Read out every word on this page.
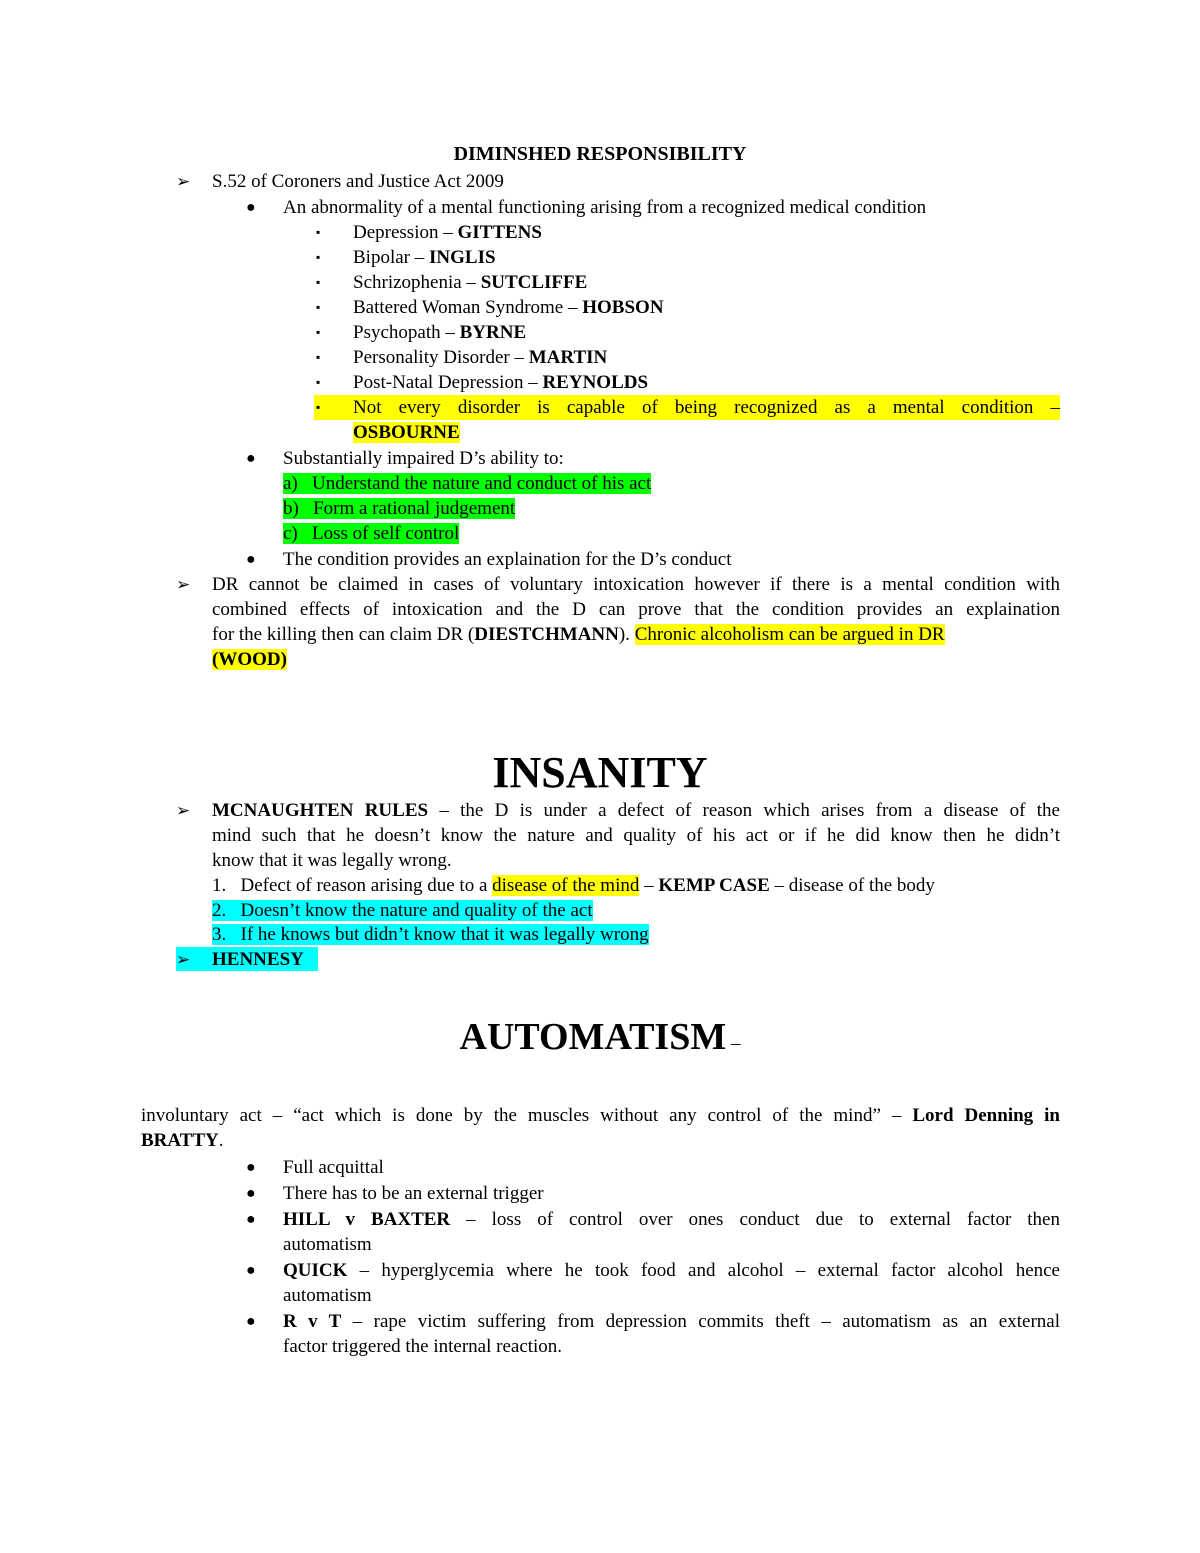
DIMINSHED RESPONSIBILITY
➢ S.52 of Coroners and Justice Act 2009
● An abnormality of a mental functioning arising from a recognized medical condition
▪ Depression – GITTENS
▪ Bipolar – INGLIS
▪ Schrizophenia – SUTCLIFFE
▪ Battered Woman Syndrome – HOBSON
▪ Psychopath – BYRNE
▪ Personality Disorder – MARTIN
▪ Post-Natal Depression – REYNOLDS
▪ Not every disorder is capable of being recognized as a mental condition –
OSBOURNE
● Substantially impaired D’s ability to:
a) Understand the nature and conduct of his act
b) Form a rational judgement
c) Loss of self control
● The condition provides an explaination for the D’s conduct
➢ DR cannot be claimed in cases of voluntary intoxication however if there is a mental condition with
combined effects of intoxication and the D can prove that the condition provides an explaination
for the killing then can claim DR (DIESTCHMANN). Chronic alcoholism can be argued in DR
(WOOD)
INSANITY
➢ MCNAUGHTEN RULES – the D is under a defect of reason which arises from a disease of the
mind such that he doesn’t know the nature and quality of his act or if he did know then he didn’t
know that it was legally wrong.
1. Defect of reason arising due to a disease of the mind – KEMP CASE – disease of the body
2. Doesn’t know the nature and quality of the act
3. If he knows but didn’t know that it was legally wrong
➢ HENNESY
AUTOMATISM –
involuntary act – “act which is done by the muscles without any control of the mind” – Lord Denning in
BRATTY.
● Full acquittal
● There has to be an external trigger
● HILL v BAXTER – loss of control over ones conduct due to external factor then
automatism
● QUICK – hyperglycemia where he took food and alcohol – external factor alcohol hence
automatism
● R v T – rape victim suffering from depression commits theft – automatism as an external
factor triggered the internal reaction.
